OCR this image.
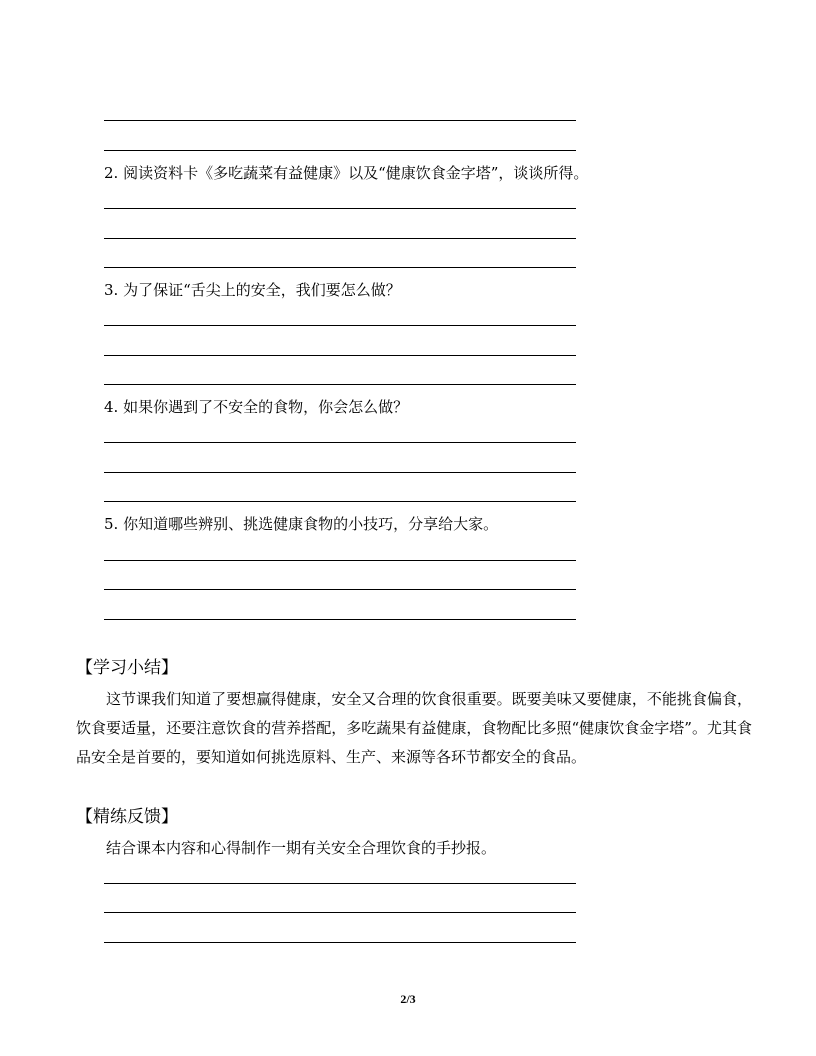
2. 阅读资料卡《多吃蔬菜有益健康》以及“健康饮食金字塔”，谈谈所得。
3. 为了保证“舌尖上的安全，我们要怎么做？
4. 如果你遇到了不安全的食物，你会怎么做？
5. 你知道哪些辨别、挑选健康食物的小技巧，分享给大家。
【学习小结】

这节课我们知道了要想赢得健康，安全又合理的饮食很重要。既要美味又要健康，不能挑食偏食，饮食要适量，还要注意饮食的营养搭配，多吃蔬果有益健康，食物配比多照“健康饮食金字塔”。尤其食品安全是首要的，要知道如何挑选原料、生产、来源等各环节都安全的食品。

【精练反馈】

结合课本内容和心得制作一期有关安全合理饮食的手抄报。

2/3
